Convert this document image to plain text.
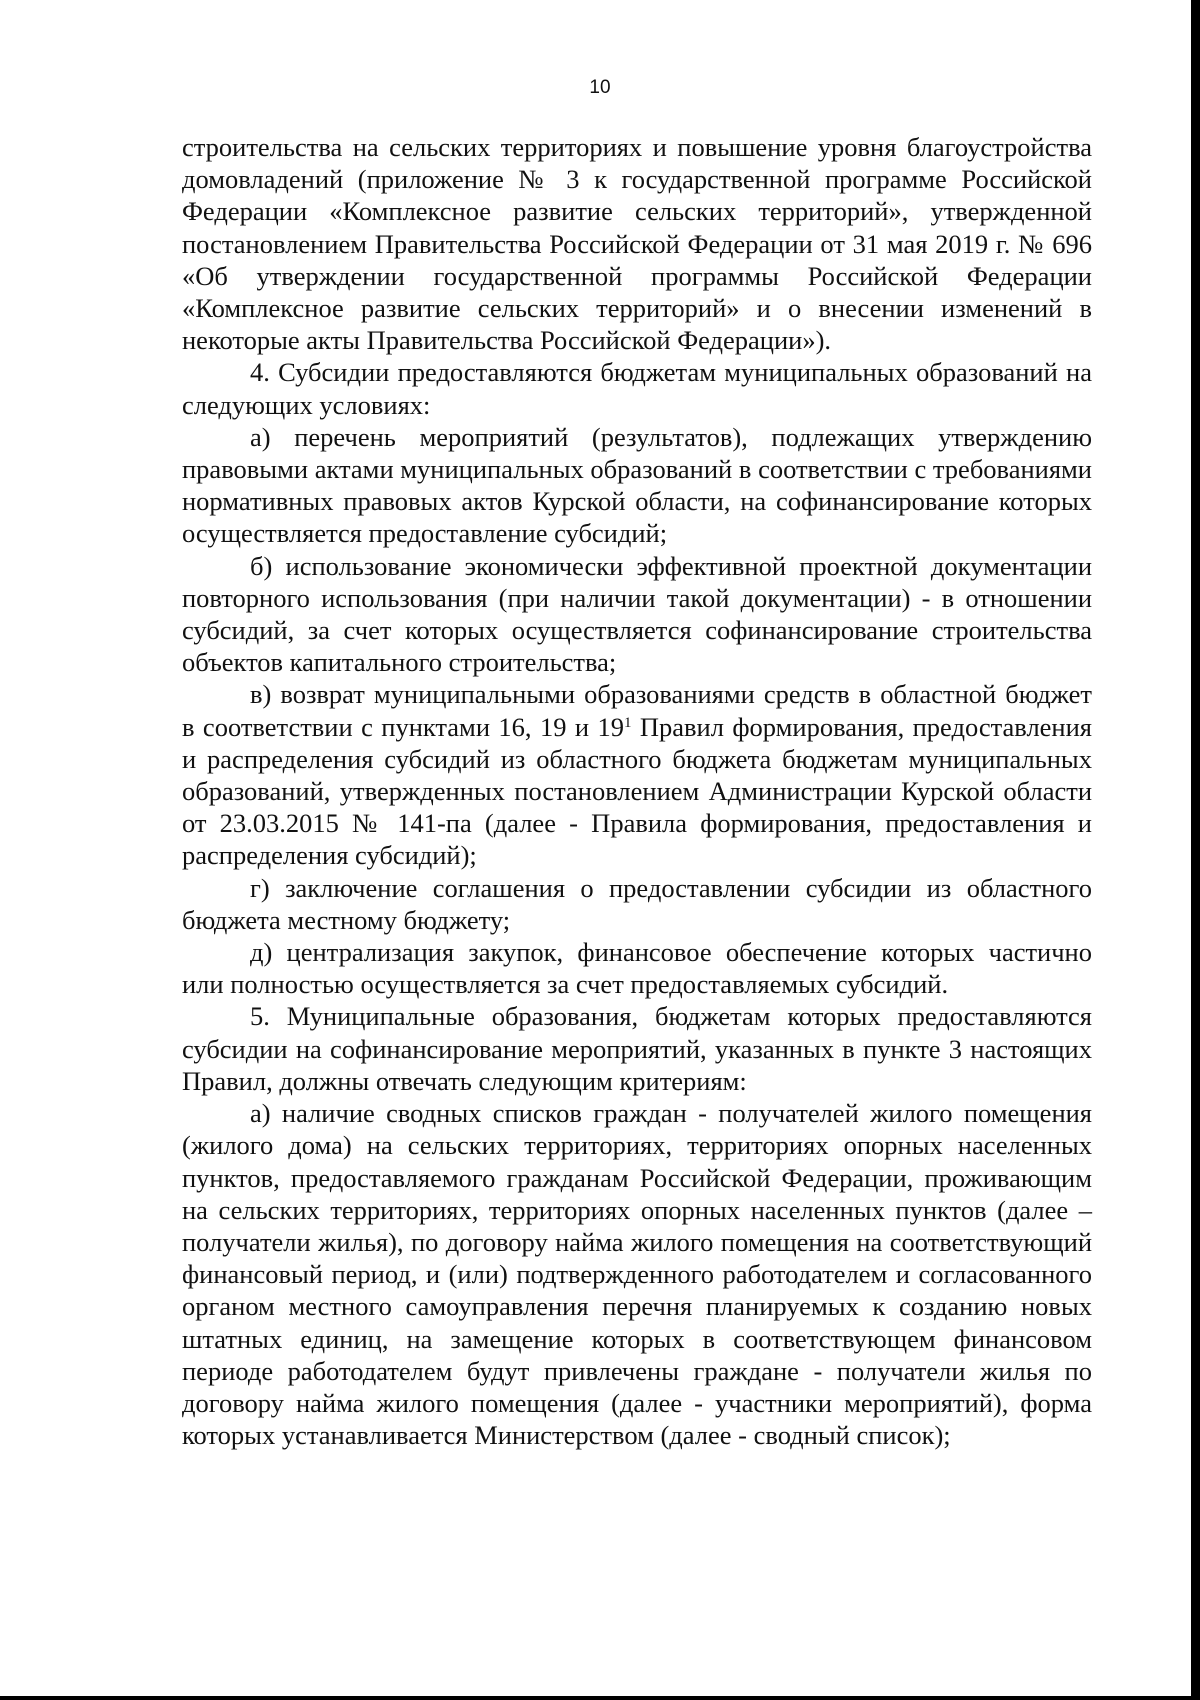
10

строительства на сельских территориях и повышение уровня благоустройства домовладений (приложение № 3 к государственной программе Российской Федерации «Комплексное развитие сельских территорий», утвержденной постановлением Правительства Российской Федерации от 31 мая 2019 г. № 696 «Об утверждении государственной программы Российской Федерации «Комплексное развитие сельских территорий» и о внесении изменений в некоторые акты Правительства Российской Федерации»).

4. Субсидии предоставляются бюджетам муниципальных образований на следующих условиях:

а) перечень мероприятий (результатов), подлежащих утверждению правовыми актами муниципальных образований в соответствии с требованиями нормативных правовых актов Курской области, на софинансирование которых осуществляется предоставление субсидий;

б) использование экономически эффективной проектной документации повторного использования (при наличии такой документации) - в отношении субсидий, за счет которых осуществляется софинансирование строительства объектов капитального строительства;

в) возврат муниципальными образованиями средств в областной бюджет в соответствии с пунктами 16, 19 и $19^1$ Правил формирования, предоставления и распределения субсидий из областного бюджета бюджетам муниципальных образований, утвержденных постановлением Администрации Курской области от 23.03.2015 № 141-па (далее - Правила формирования, предоставления и распределения субсидий);

г) заключение соглашения о предоставлении субсидии из областного бюджета местному бюджету;

д) централизация закупок, финансовое обеспечение которых частично или полностью осуществляется за счет предоставляемых субсидий.

5. Муниципальные образования, бюджетам которых предоставляются субсидии на софинансирование мероприятий, указанных в пункте 3 настоящих Правил, должны отвечать следующим критериям:

а) наличие сводных списков граждан - получателей жилого помещения (жилого дома) на сельских территориях, территориях опорных населенных пунктов, предоставляемого гражданам Российской Федерации, проживающим на сельских территориях, территориях опорных населенных пунктов (далее – получатели жилья), по договору найма жилого помещения на соответствующий финансовый период, и (или) подтвержденного работодателем и согласованного органом местного самоуправления перечня планируемых к созданию новых штатных единиц, на замещение которых в соответствующем финансовом периоде работодателем будут привлечены граждане - получатели жилья по договору найма жилого помещения (далее - участники мероприятий), форма которых устанавливается Министерством (далее - сводный список);
